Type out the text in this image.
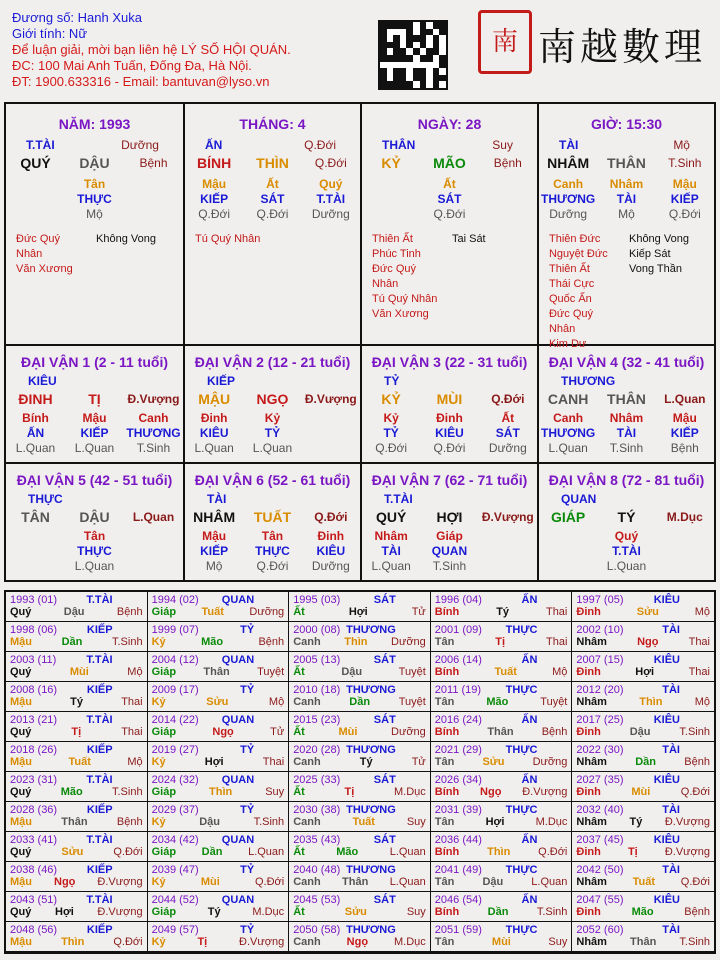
Đương số: Hanh Xuka
Giới tính: Nữ
Để luận giải, mời bạn liên hệ LÝ SỐ HỘI QUÁN.
ĐC: 100 Mai Anh Tuấn, Đống Đa, Hà Nội.
ĐT: 1900.633316 - Email: bantuvan@lyso.vn
南 南越數理
NĂM: 1993
T.TÀI	Dưỡng
QUÝ	DẬU	Bệnh
Tân
THỰC
Mộ
Đức Quý Nhân
Văn Xương
Không Vong
THÁNG: 4
ẤN	Q.Đới
BÍNH	THÌN	Q.Đới
Mậu	Ất	Quý
KIẾP	SÁT	T.TÀI
Q.Đới	Q.Đới	Dưỡng
Tú Quý Nhân
NGÀY: 28
THÂN	Suy
KỶ	MÃO	Bệnh
Ất
SÁT
Q.Đới
Thiên Ất
Phúc Tinh
Đức Quý Nhân
Tú Quý Nhân
Văn Xương
Tai Sát
GIỜ: 15:30
TÀI	Mộ
NHÂM	THÂN	T.Sinh
Canh	Nhâm	Mậu
THƯƠNG	TÀI	KIẾP
Dưỡng	Mộ	Q.Đới
Thiên Đức
Nguyệt Đức
Thiên Ất
Thái Cực
Quốc Ấn
Đức Quý Nhân
Kim Dư
Không Vong
Kiếp Sát
Vong Thần
ĐẠI VẬN 1 (2 - 11 tuổi)
KIÊU
ĐINH	TỊ	Đ.Vượng
Bính	Mậu	Canh
ẤN	KIẾP	THƯƠNG
L.Quan	L.Quan	T.Sinh
ĐẠI VẬN 2 (12 - 21 tuổi)
KIẾP
MẬU	NGỌ	Đ.Vượng
Đinh	Kỷ
KIÊU	TỶ
L.Quan	L.Quan
ĐẠI VẬN 3 (22 - 31 tuổi)
TỶ
KỶ	MÙI	Q.Đới
Kỷ	Đinh	Ất
TỶ	KIÊU	SÁT
Q.Đới	Q.Đới	Dưỡng
ĐẠI VẬN 4 (32 - 41 tuổi)
THƯƠNG
CANH	THÂN	L.Quan
Canh	Nhâm	Mậu
THƯƠNG	TÀI	KIẾP
L.Quan	T.Sinh	Bệnh
ĐẠI VẬN 5 (42 - 51 tuổi)
THỰC
TÂN	DẬU	L.Quan
Tân
THỰC
L.Quan
ĐẠI VẬN 6 (52 - 61 tuổi)
TÀI
NHÂM	TUẤT	Q.Đới
Mậu	Tân	Đinh
KIẾP	THỰC	KIÊU
Mộ	Q.Đới	Dưỡng
ĐẠI VẬN 7 (62 - 71 tuổi)
T.TÀI
QUÝ	HỢI	Đ.Vượng
Nhâm	Giáp
TÀI	QUAN
L.Quan	T.Sinh
ĐẠI VẬN 8 (72 - 81 tuổi)
QUAN
GIÁP	TÝ	M.Dục
Quý
T.TÀI
L.Quan
1993 (01)	T.TÀI
Quý	Dậu	Bệnh
1994 (02) QUAN
Giáp Tuất Dưỡng
1995 (03)	SÁT
Ất	Hợi	Tử
1996 (04)	ẤN
Bính	Tý	Thai
1997 (05)	KIÊU
Đinh	Sửu	Mộ
1998 (06)	KIẾP
Mậu	Dần	T.Sinh
1999 (07)	TỶ
Kỷ	Mão	Bệnh
2000 (08) THƯƠNG
Canh Thìn Dưỡng
2001 (09) THỰC
Tân	Tị	Thai
2002 (10)	TÀI
Nhâm	Ngọ	Thai
2003 (11)	T.TÀI
Quý	Mùi	Mộ
2004 (12) QUAN
Giáp Thân Tuyệt
2005 (13)	SÁT
Ất	Dậu	Tuyệt
2006 (14)	ẤN
Bính	Tuất	Mộ
2007 (15)	KIÊU
Đinh	Hợi	Thai
2008 (16)	KIẾP
Mậu	Tý	Thai
2009 (17)	TỶ
Kỷ	Sửu	Mộ
2010 (18) THƯƠNG
Canh	Dần	Tuyệt
2011 (19) THỰC
Tân	Mão	Tuyệt
2012 (20)	TÀI
Nhâm	Thìn	Mộ
2013 (21)	T.TÀI
Quý	Tị	Thai
2014 (22) QUAN
Giáp	Ngọ	Tử
2015 (23)	SÁT
Ất	Mùi	Dưỡng
2016 (24)	ẤN
Bính	Thân	Bệnh
2017 (25)	KIÊU
Đinh	Dậu	T.Sinh
2018 (26)	KIẾP
Mậu	Tuất	Mộ
2019 (27)	TỶ
Kỷ	Hợi	Thai
2020 (28) THƯƠNG
Canh	Tý	Tử
2021 (29) THỰC
Tân	Sửu	Dưỡng
2022 (30)	TÀI
Nhâm	Dần	Bệnh
2023 (31)	T.TÀI
Quý	Mão	T.Sinh
2024 (32) QUAN
Giáp	Thìn	Suy
2025 (33)	SÁT
Ất	Tị	M.Dục
2026 (34)	ẤN
Bính Ngọ Đ.Vượng
2027 (35)	KIÊU
Đinh	Mùi	Q.Đới
2028 (36)	KIẾP
Mậu	Thân	Bệnh
2029 (37)	TỶ
Kỷ	Dậu	T.Sinh
2030 (38) THƯƠNG
Canh	Tuất	Suy
2031 (39) THỰC
Tân	Hợi	M.Dục
2032 (40)	TÀI
Nhâm Tý Đ.Vượng
2033 (41)	T.TÀI
Quý	Sửu	Q.Đới
2034 (42) QUAN
Giáp Dần L.Quan
2035 (43)	SÁT
Ất	Mão	L.Quan
2036 (44)	ẤN
Bính	Thìn	Q.Đới
2037 (45)	KIÊU
Đinh Tị Đ.Vượng
2038 (46)	KIẾP
Mậu Ngọ Đ.Vượng
2039 (47)	TỶ
Kỷ	Mùi	Q.Đới
2040 (48) THƯƠNG
Canh Thân L.Quan
2041 (49) THỰC
Tân	Dậu	L.Quan
2042 (50)	TÀI
Nhâm Tuất Q.Đới
2043 (51)	T.TÀI
Quý Hợi Đ.Vượng
2044 (52) QUAN
Giáp	Tý	M.Dục
2045 (53)	SÁT
Ất	Sửu	Suy
2046 (54)	ẤN
Bính	Dần	T.Sinh
2047 (55)	KIÊU
Đinh	Mão	Bệnh
2048 (56)	KIẾP
Mậu	Thìn	Q.Đới
2049 (57)	TỶ
Kỷ	Tị	Đ.Vượng
2050 (58) THƯƠNG
Canh Ngọ M.Dục
2051 (59) THỰC
Tân	Mùi	Suy
2052 (60)	TÀI
Nhâm Thân T.Sinh
